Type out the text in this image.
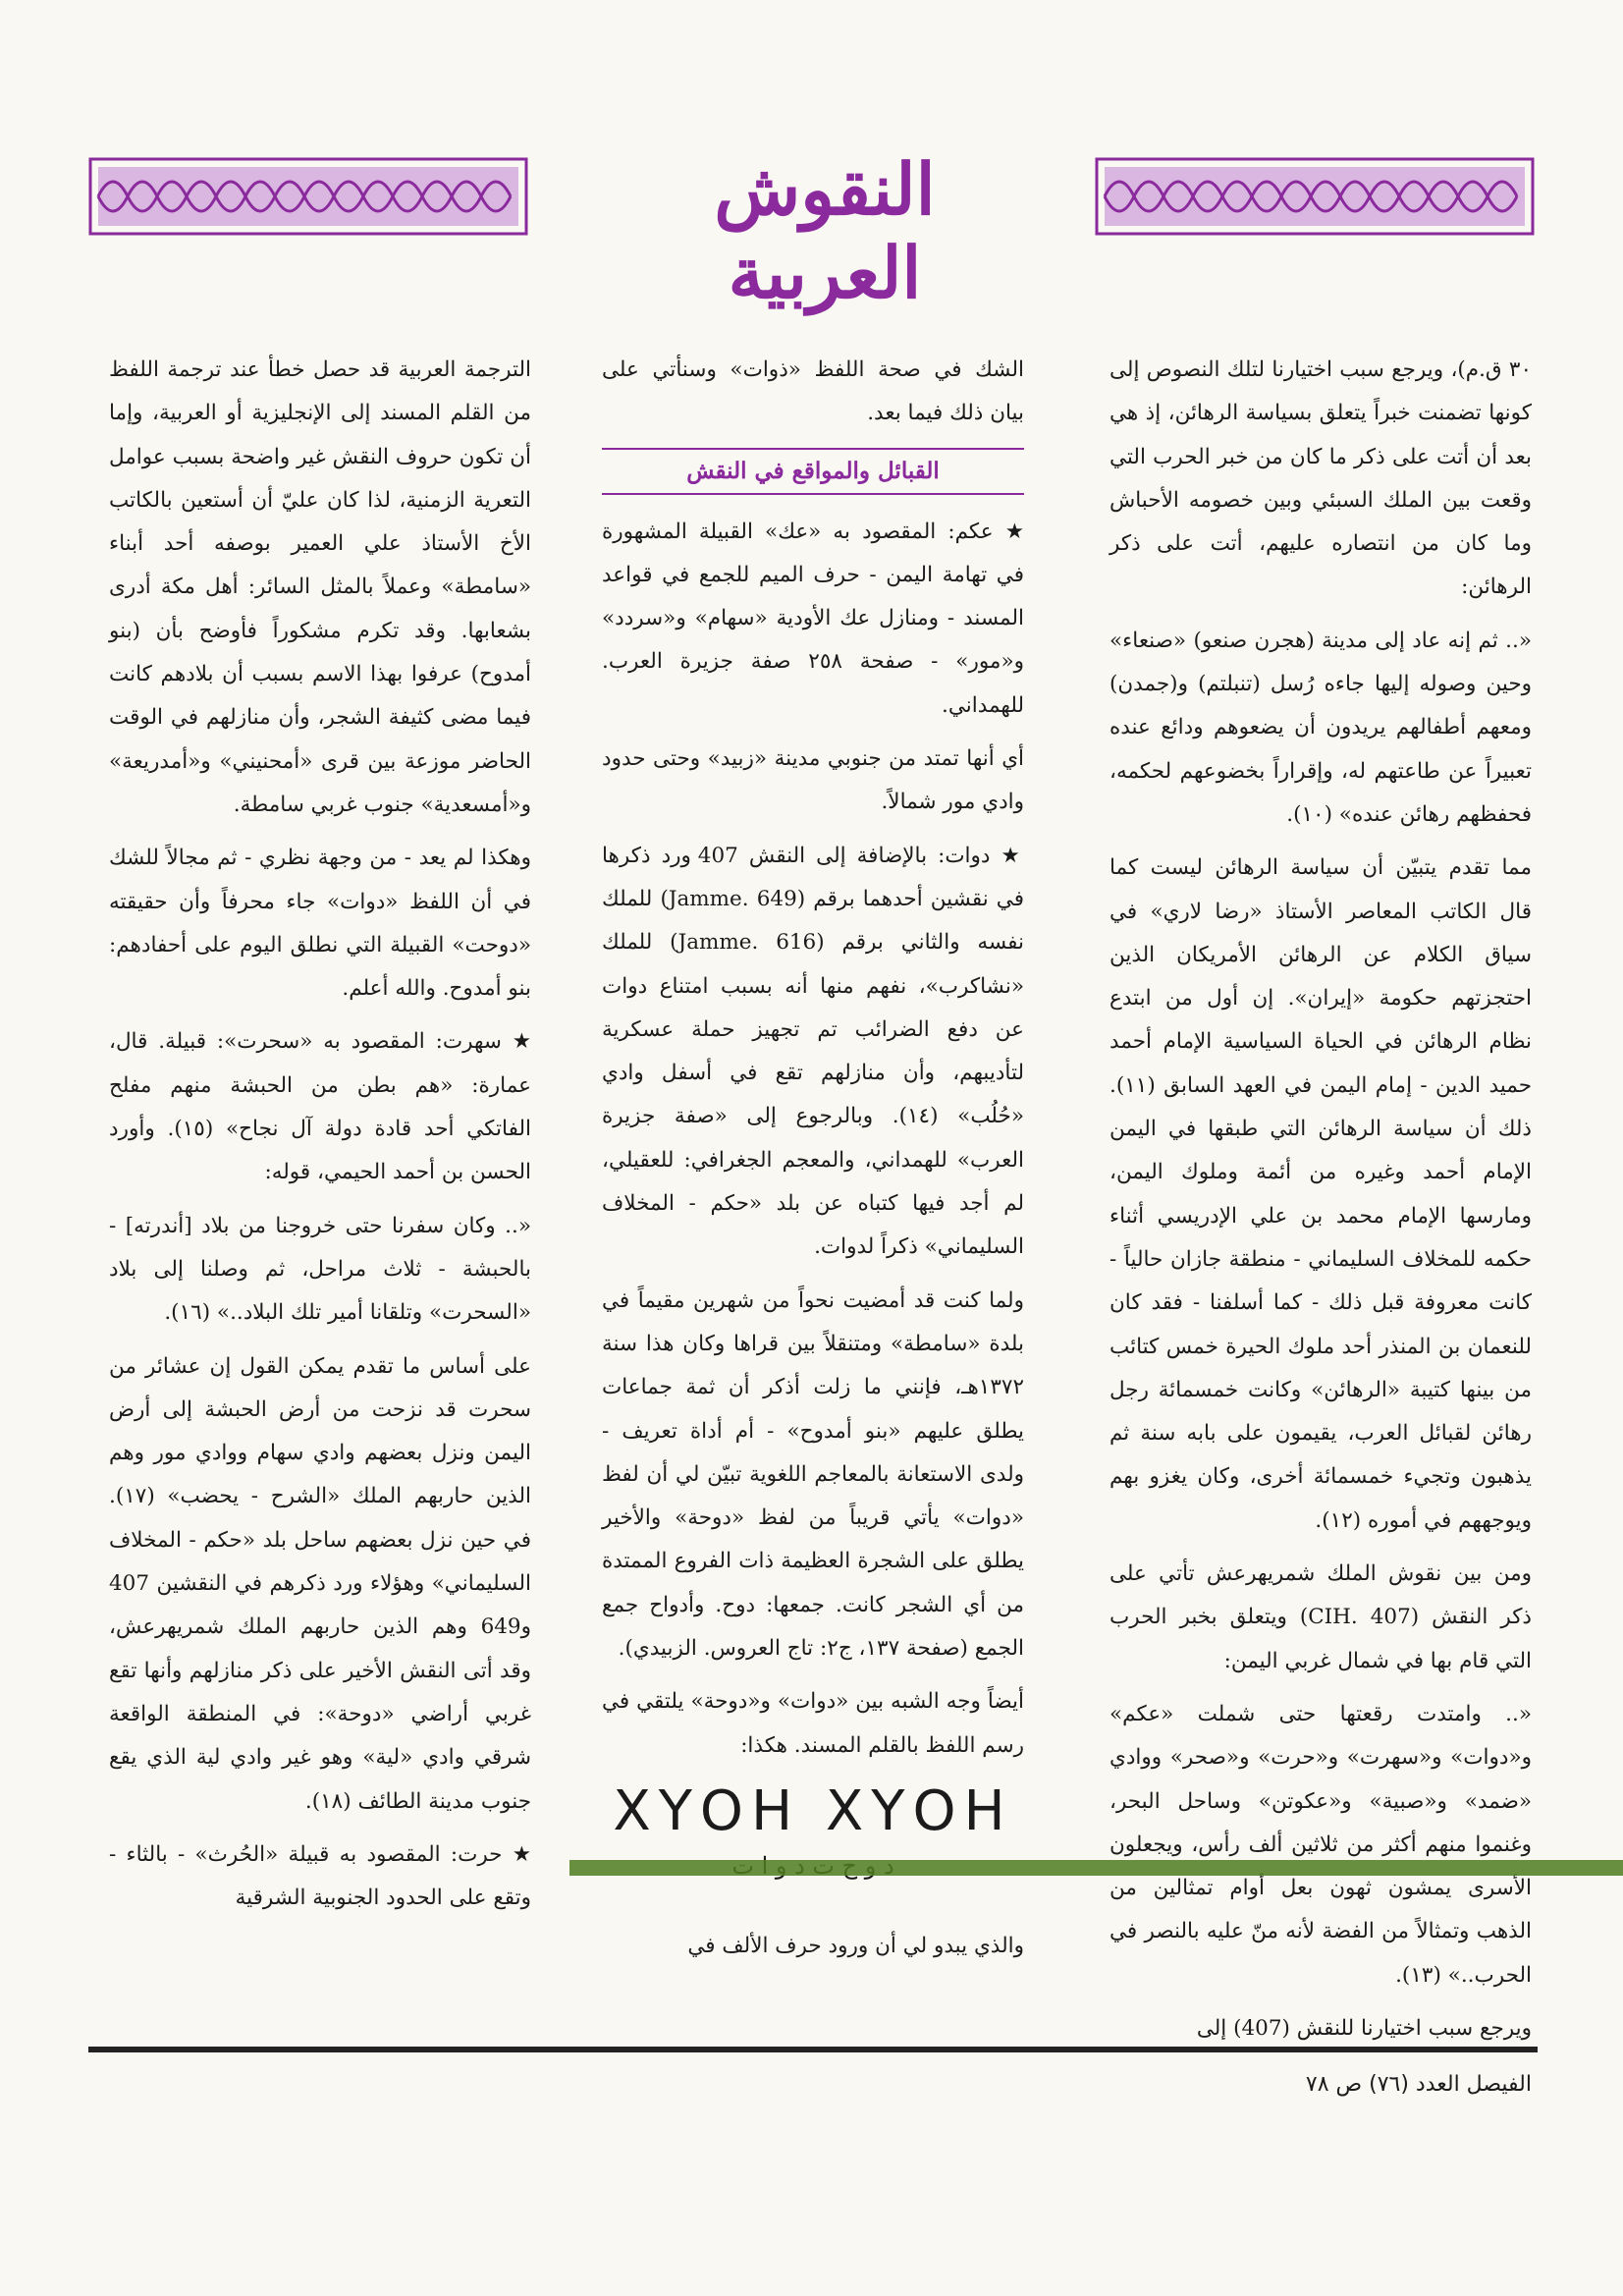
النقوش العربية

٣٠ ق.م)، ويرجع سبب اختيارنا لتلك النصوص إلى كونها تضمنت خبراً يتعلق بسياسة الرهائن، إذ هي بعد أن أتت على ذكر ما كان من خبر الحرب التي وقعت بين الملك السبئي وبين خصومه الأحباش وما كان من انتصاره عليهم، أتت على ذكر الرهائن:

«.. ثم إنه عاد إلى مدينة (هجرن صنعو) «صنعاء» وحين وصوله إليها جاءه رُسل (تنبلتم) و(جمدن) ومعهم أطفالهم يريدون أن يضعوهم ودائع عنده تعبيراً عن طاعتهم له، وإقراراً بخضوعهم لحكمه، فحفظهم رهائن عنده» (١٠).

مما تقدم يتبيّن أن سياسة الرهائن ليست كما قال الكاتب المعاصر الأستاذ «رضا لاري» في سياق الكلام عن الرهائن الأمريكان الذين احتجزتهم حكومة «إيران». إن أول من ابتدع نظام الرهائن في الحياة السياسية الإمام أحمد حميد الدين - إمام اليمن في العهد السابق (١١). ذلك أن سياسة الرهائن التي طبقها في اليمن الإمام أحمد وغيره من أئمة وملوك اليمن، ومارسها الإمام محمد بن علي الإدريسي أثناء حكمه للمخلاف السليماني - منطقة جازان حالياً - كانت معروفة قبل ذلك - كما أسلفنا - فقد كان للنعمان بن المنذر أحد ملوك الحيرة خمس كتائب من بينها كتيبة «الرهائن» وكانت خمسمائة رجل رهائن لقبائل العرب، يقيمون على بابه سنة ثم يذهبون وتجيء خمسمائة أخرى، وكان يغزو بهم ويوجههم في أموره (١٢).

ومن بين نقوش الملك شمريهرعش تأتي على ذكر النقش (CIH. 407) ويتعلق بخبر الحرب التي قام بها في شمال غربي اليمن:

«.. وامتدت رقعتها حتى شملت «عكم» و«دوات» و«سهرت» و«حرت» و«صحر» ووادي «ضمد» و«صبية» و«عكوتن» وساحل البحر، وغنموا منهم أكثر من ثلاثين ألف رأس، ويجعلون الأسرى يمشون ثهون بعل أوام تمثالين من الذهب وتمثالاً من الفضة لأنه منّ عليه بالنصر في الحرب..» (١٣).

ويرجع سبب اختيارنا للنقش (407) إلى

الشك في صحة اللفظ «ذوات» وسنأتي على بيان ذلك فيما بعد.

القبائل والمواقع في النقش

★ عكم: المقصود به «عك» القبيلة المشهورة في تهامة اليمن - حرف الميم للجمع في قواعد المسند - ومنازل عك الأودية «سهام» و«سردد» و«مور» - صفحة ٢٥٨ صفة جزيرة العرب. للهمداني.

أي أنها تمتد من جنوبي مدينة «زبيد» وحتى حدود وادي مور شمالاً.

★ دوات: بالإضافة إلى النقش 407 ورد ذكرها في نقشين أحدهما برقم (Jamme. 649) للملك نفسه والثاني برقم (Jamme. 616) للملك «نشاكرب»، نفهم منها أنه بسبب امتناع دوات عن دفع الضرائب تم تجهيز حملة عسكرية لتأديبهم، وأن منازلهم تقع في أسفل وادي «حُلُب» (١٤). وبالرجوع إلى «صفة جزيرة العرب» للهمداني، والمعجم الجغرافي: للعقيلي، لم أجد فيها كتباه عن بلد «حكم - المخلاف السليماني» ذكراً لدوات.

ولما كنت قد أمضيت نحواً من شهرين مقيماً في بلدة «سامطة» ومتنقلاً بين قراها وكان هذا سنة ١٣٧٢هـ، فإنني ما زلت أذكر أن ثمة جماعات يطلق عليهم «بنو أمدوح» - أم أداة تعريف - ولدى الاستعانة بالمعاجم اللغوية تبيّن لي أن لفظ «دوات» يأتي قريباً من لفظ «دوحة» والأخير يطلق على الشجرة العظيمة ذات الفروع الممتدة من أي الشجر كانت. جمعها: دوح. وأدواح جمع الجمع (صفحة ١٣٧، ج٢: تاج العروس. الزبيدي).

أيضاً وجه الشبه بين «دوات» و«دوحة» يلتقي في رسم اللفظ بالقلم المسند. هكذا:

ХҮОН ХҮОН

والذي يبدو لي أن ورود حرف الألف في

الترجمة العربية قد حصل خطأ عند ترجمة اللفظ من القلم المسند إلى الإنجليزية أو العربية، وإما أن تكون حروف النقش غير واضحة بسبب عوامل التعرية الزمنية، لذا كان عليّ أن أستعين بالكاتب الأخ الأستاذ علي العمير بوصفه أحد أبناء «سامطة» وعملاً بالمثل السائر: أهل مكة أدرى بشعابها. وقد تكرم مشكوراً فأوضح بأن (بنو أمدوح) عرفوا بهذا الاسم بسبب أن بلادهم كانت فيما مضى كثيفة الشجر، وأن منازلهم في الوقت الحاضر موزعة بين قرى «أمحنيني» و«أمدريعة» و«أمسعدية» جنوب غربي سامطة.

وهكذا لم يعد - من وجهة نظري - ثم مجالاً للشك في أن اللفظ «دوات» جاء محرفاً وأن حقيقته «دوحت» القبيلة التي نطلق اليوم على أحفادهم: بنو أمدوح. والله أعلم.

★ سهرت: المقصود به «سحرت»: قبيلة. قال، عمارة: «هم بطن من الحبشة منهم مفلح الفاتكي أحد قادة دولة آل نجاح» (١٥). وأورد الحسن بن أحمد الحيمي، قوله:

«.. وكان سفرنا حتى خروجنا من بلاد [أندرته] - بالحبشة - ثلاث مراحل، ثم وصلنا إلى بلاد «السحرت» وتلقانا أمير تلك البلاد..» (١٦).

على أساس ما تقدم يمكن القول إن عشائر من سحرت قد نزحت من أرض الحبشة إلى أرض اليمن ونزل بعضهم وادي سهام ووادي مور وهم الذين حاربهم الملك «الشرح - يحضب» (١٧). في حين نزل بعضهم ساحل بلد «حكم - المخلاف السليماني» وهؤلاء ورد ذكرهم في النقشين 407 و649 وهم الذين حاربهم الملك شمريهرعش، وقد أتى النقش الأخير على ذكر منازلهم وأنها تقع غربي أراضي «دوحة»: في المنطقة الواقعة شرقي وادي «لية» وهو غير وادي لية الذي يقع جنوب مدينة الطائف (١٨).

★ حرت: المقصود به قبيلة «الحُرث» - بالثاء - وتقع على الحدود الجنوبية الشرقية

الفيصل العدد (٧٦) ص ٧٨
